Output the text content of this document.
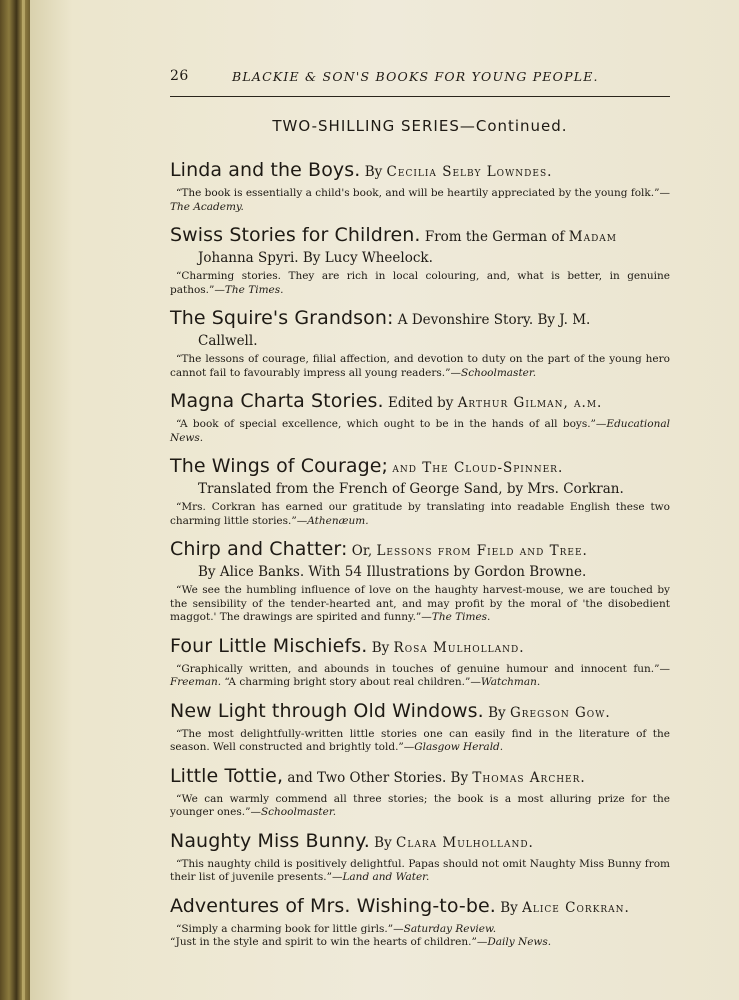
26	BLACKIE & SON'S BOOKS FOR YOUNG PEOPLE.
TWO-SHILLING SERIES—Continued.
Linda and the Boys. By Cecilia Selby Lowndes.
“The book is essentially a child's book, and will be heartily appreciated by the young folk.”—The Academy.
Swiss Stories for Children. From the German of Madam
Johanna Spyri. By Lucy Wheelock.
“Charming stories. They are rich in local colouring, and, what is better, in genuine pathos.”—The Times.
The Squire's Grandson: A Devonshire Story. By J. M.
Callwell.
“The lessons of courage, filial affection, and devotion to duty on the part of the young hero cannot fail to favourably impress all young readers.”—Schoolmaster.
Magna Charta Stories. Edited by Arthur Gilman, a.m.
“A book of special excellence, which ought to be in the hands of all boys.”—Educational News.
The Wings of Courage; and The Cloud-Spinner.
Translated from the French of George Sand, by Mrs. Corkran.
“Mrs. Corkran has earned our gratitude by translating into readable English these two charming little stories.”—Athenæum.
Chirp and Chatter: Or, Lessons from Field and Tree.
By Alice Banks. With 54 Illustrations by Gordon Browne.
“We see the humbling influence of love on the haughty harvest-mouse, we are touched by the sensibility of the tender-hearted ant, and may profit by the moral of 'the disobedient maggot.' The drawings are spirited and funny.”—The Times.
Four Little Mischiefs. By Rosa Mulholland.
“Graphically written, and abounds in touches of genuine humour and innocent fun.”—Freeman. “A charming bright story about real children.”—Watchman.
New Light through Old Windows. By Gregson Gow.
“The most delightfully-written little stories one can easily find in the literature of the season. Well constructed and brightly told.”—Glasgow Herald.
Little Tottie, and Two Other Stories. By Thomas Archer.
“We can warmly commend all three stories; the book is a most alluring prize for the younger ones.”—Schoolmaster.
Naughty Miss Bunny. By Clara Mulholland.
“This naughty child is positively delightful. Papas should not omit Naughty Miss Bunny from their list of juvenile presents.”—Land and Water.
Adventures of Mrs. Wishing-to-be. By Alice Corkran.
“Simply a charming book for little girls.”—Saturday Review.
“Just in the style and spirit to win the hearts of children.”—Daily News.
